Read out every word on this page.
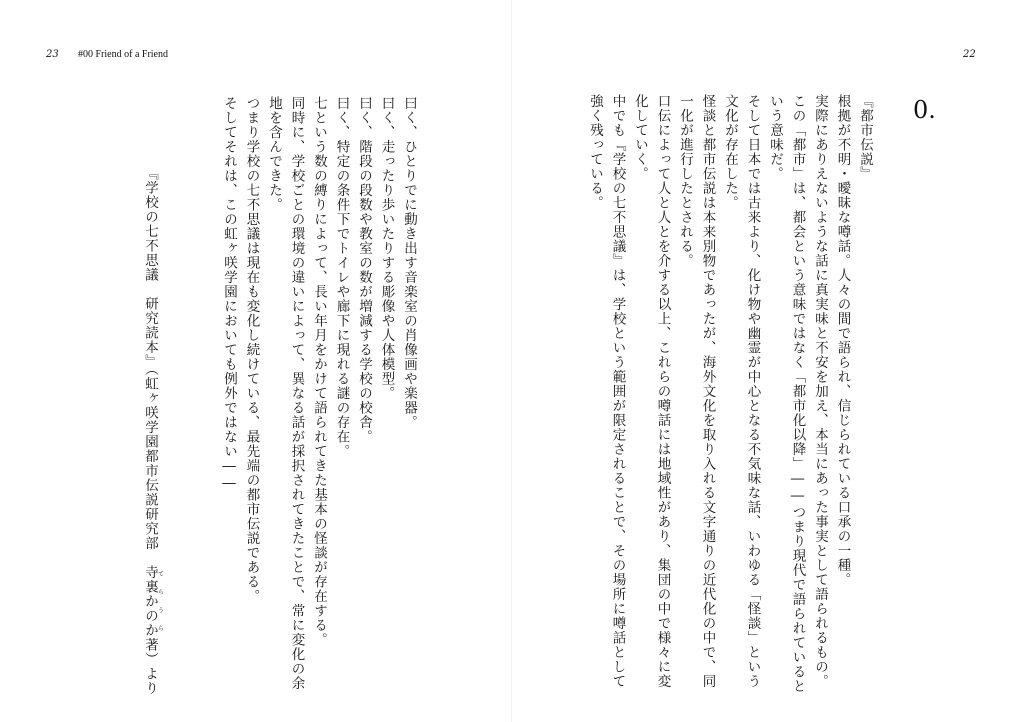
23 #00 Friend of a Friend
曰く、ひとりでに動き出す音楽室の肖像画や楽器。
曰く、走ったり歩いたりする彫像や人体模型。
曰く、階段の段数や教室の数が増減する学校の校舎。
曰く、特定の条件下でトイレや廊下に現れる謎の存在。
七という数の縛りによって、長い年月をかけて語られてきた基本の怪談が存在する。
同時に、学校ごとの環境の違いによって、異なる話が採択されてきたことで、常に変化の余
地を含んできた。
つまり学校の七不思議は現在も変化し続けている、最先端の都市伝説である。
そしてそれは、この虹ヶ咲学園においても例外ではない――
『学校の七不思議　研究読本』（虹ヶ咲学園都市伝説研究部　寺裏かのかてらうら著）より
22
0.
『都市伝説』
根拠が不明・曖昧な噂話。人々の間で語られ、信じられている口承の一種。
実際にありえないような話に真実味と不安を加え、本当にあった事実として語られるもの。
この「都市」は、都会という意味ではなく「都市化以降」――つまり現代で語られていると
いう意味だ。
そして日本では古来より、化け物や幽霊が中心となる不気味な話、いわゆる「怪談」という
文化が存在した。
怪談と都市伝説は本来別物であったが、海外文化を取り入れる文字通りの近代化の中で、同
一化が進行したとされる。
口伝によって人と人とを介する以上、これらの噂話には地域性があり、集団の中で様々に変
化していく。
中でも『学校の七不思議』は、学校という範囲が限定されることで、その場所に噂話として
強く残っている。
